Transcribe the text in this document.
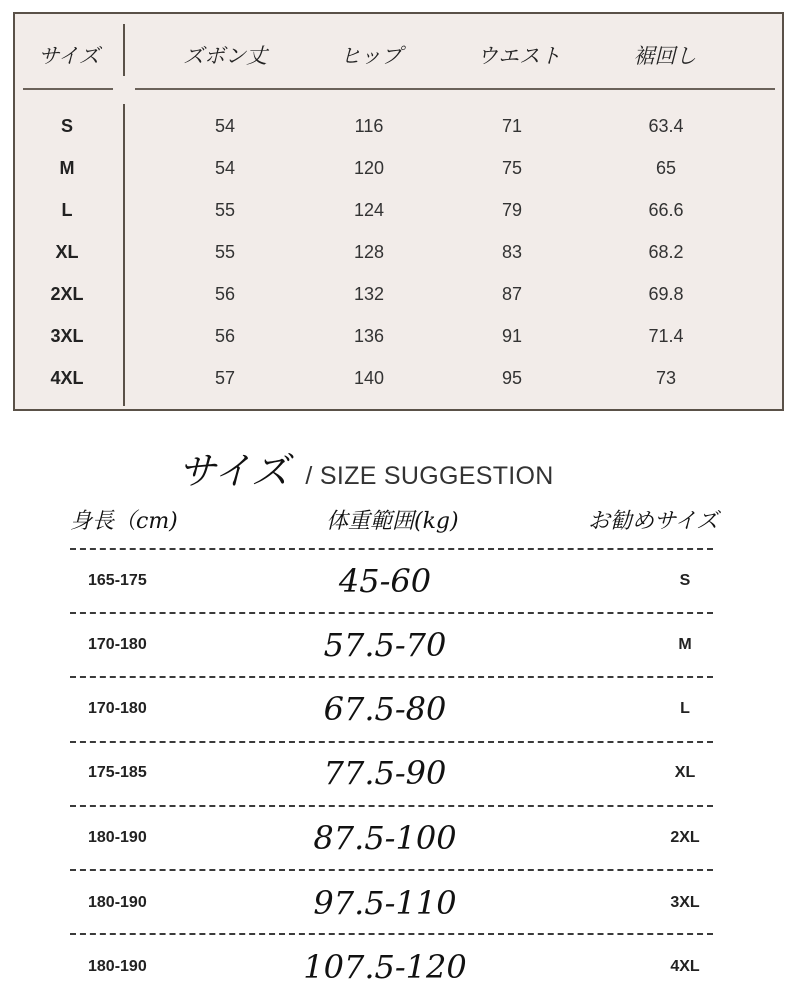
サイズ	ズボン丈	ヒップ	ウエスト	裾回し
S	54	116	71	63.4
M	54	120	75	65
L	55	124	79	66.6
XL	55	128	83	68.2
2XL	56	132	87	69.8
3XL	56	136	91	71.4
4XL	57	140	95	73
サイズ / SIZE SUGGESTION
身長（cm)	体重範囲(kg)	お勧めサイズ
165-175	45-60	S
170-180	57.5-70	M
170-180	67.5-80	L
175-185	77.5-90	XL
180-190	87.5-100	2XL
180-190	97.5-110	3XL
180-190	107.5-120	4XL
